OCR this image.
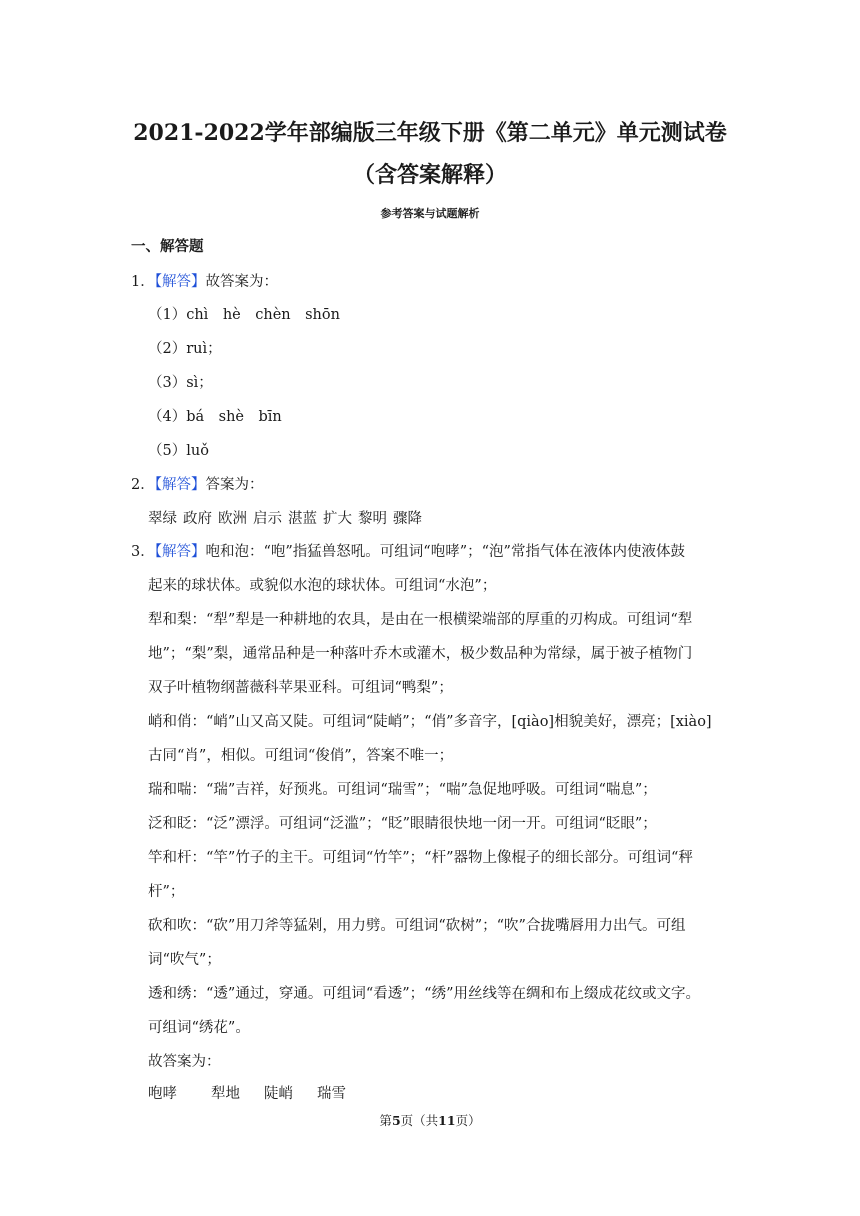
2021-2022学年部编版三年级下册《第二单元》单元测试卷
（含答案解释）
参考答案与试题解析
一、解答题
1．【解答】故答案为：
（1）chì　hè　chèn　shōn
（2）ruì；
（3）sì；
（4）bá　shè　bīn
（5）luǒ
2．【解答】答案为：
翠绿 政府 欧洲 启示 湛蓝 扩大 黎明 骤降
3．【解答】咆和泡：“咆”指猛兽怒吼。可组词“咆哮”；“泡”常指气体在液体内使液体鼓
起来的球状体。或貌似水泡的球状体。可组词“水泡”；
犁和梨：“犁”犁是一种耕地的农具，是由在一根横梁端部的厚重的刃构成。可组词“犁
地”；“梨”梨，通常品种是一种落叶乔木或灌木，极少数品种为常绿，属于被子植物门
双子叶植物纲蔷薇科苹果亚科。可组词“鸭梨”；
峭和俏：“峭”山又高又陡。可组词“陡峭”；“俏”多音字，[qiào]相貌美好，漂亮；[xiào]
古同“肖”，相似。可组词“俊俏”，答案不唯一；
瑞和喘：“瑞”吉祥，好预兆。可组词“瑞雪”；“喘”急促地呼吸。可组词“喘息”；
泛和眨：“泛”漂浮。可组词“泛滥”；“眨”眼睛很快地一闭一开。可组词“眨眼”；
竿和杆：“竿”竹子的主干。可组词“竹竿”；“杆”器物上像棍子的细长部分。可组词“秤
杆”；
砍和吹：“砍”用刀斧等猛剁，用力劈。可组词“砍树”；“吹”合拢嘴唇用力出气。可组
词“吹气”；
透和绣：“透”通过，穿通。可组词“看透”；“绣”用丝线等在绸和布上缀成花纹或文字。
可组词“绣花”。
故答案为：
咆哮 犁地 陡峭 瑞雪
第5页（共11页）
